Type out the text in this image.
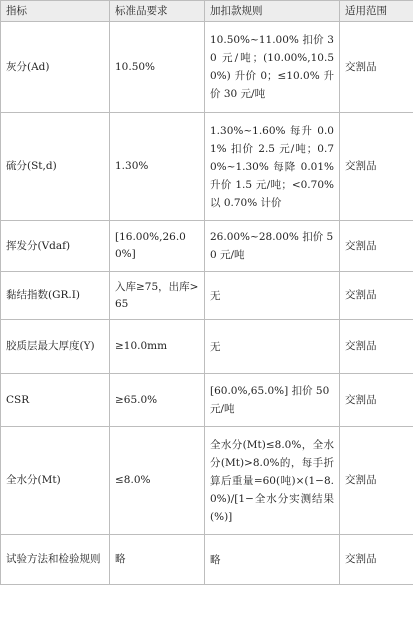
指标	标准品要求	加扣款规则	适用范围
灰分(Ad)	10.50%	10.50%~11.00% 扣价 30 元/吨；(10.00%,10.50%) 升价 0；≤10.0% 升价 30 元/吨	交割品
硫分(St,d)	1.30%	1.30%~1.60% 每升 0.01% 扣价 2.5 元/吨；0.70%~1.30% 每降 0.01% 升价 1.5 元/吨；<0.70% 以 0.70% 计价	交割品
挥发分(Vdaf)	[16.00%,26.00%]	26.00%~28.00% 扣价 50 元/吨	交割品
黏结指数(GR.I)	入库≥75，出库>65	无	交割品
胶质层最大厚度(Y)	≥10.0mm	无	交割品
CSR	≥65.0%	[60.0%,65.0%] 扣价 50 元/吨	交割品
全水分(Mt)	≤8.0%	全水分(Mt)≤8.0%，全水分(Mt)>8.0%的，每手折算后重量=60(吨)×(1−8.0%)/[1−全水分实测结果(%)]	交割品
试验方法和检验规则	略	略	交割品
